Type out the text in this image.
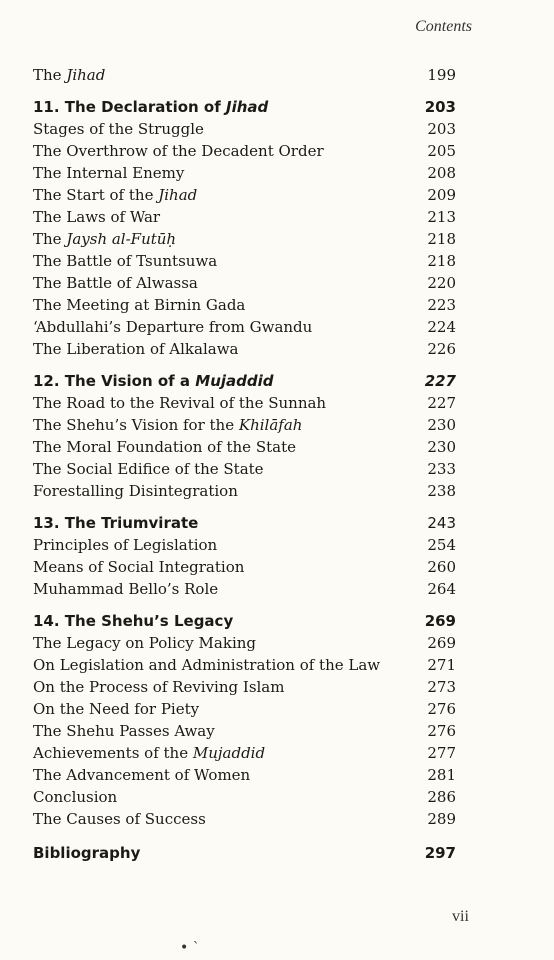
Contents
The Jihad	199
11. The Declaration of Jihad	203
Stages of the Struggle	203
The Overthrow of the Decadent Order	205
The Internal Enemy	208
The Start of the Jihad	209
The Laws of War	213
The Jaysh al-Futūḥ	218
The Battle of Tsuntsuwa	218
The Battle of Alwassa	220
The Meeting at Birnin Gada	223
‘Abdullahi’s Departure from Gwandu	224
The Liberation of Alkalawa	226
12. The Vision of a Mujaddid	227
The Road to the Revival of the Sunnah	227
The Shehu’s Vision for the Khilāfah	230
The Moral Foundation of the State	230
The Social Edifice of the State	233
Forestalling Disintegration	238
13. The Triumvirate	243
Principles of Legislation	254
Means of Social Integration	260
Muhammad Bello’s Role	264
14. The Shehu’s Legacy	269
The Legacy on Policy Making	269
On Legislation and Administration of the Law	271
On the Process of Reviving Islam	273
On the Need for Piety	276
The Shehu Passes Away	276
Achievements of the Mujaddid	277
The Advancement of Women	281
Conclusion	286
The Causes of Success	289
Bibliography	297
vii
• `
